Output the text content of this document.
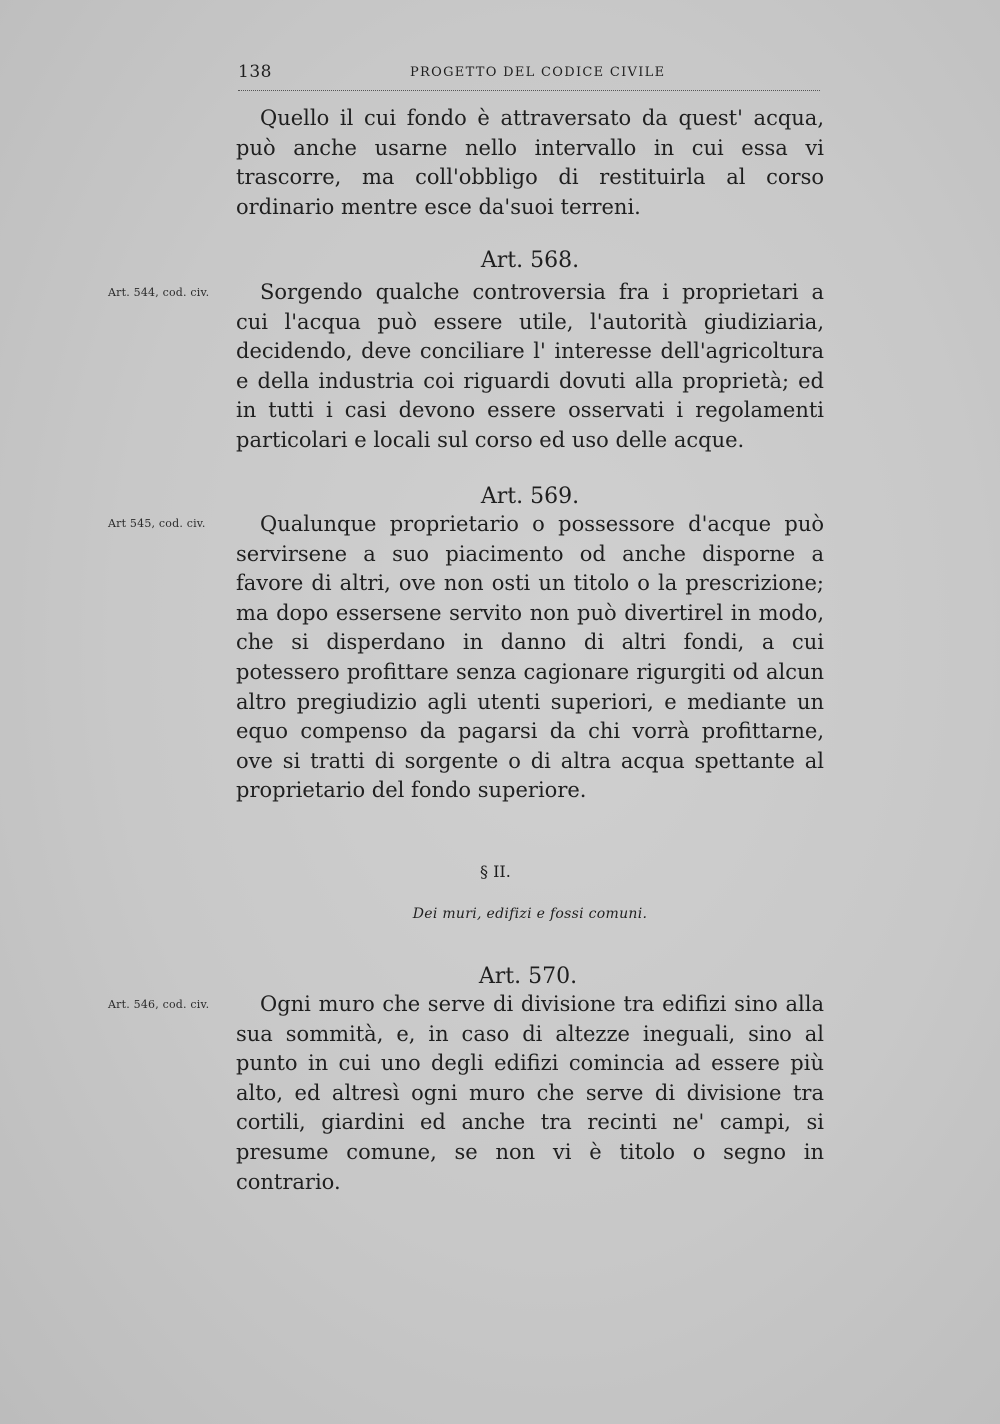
138	PROGETTO DEL CODICE CIVILE

Quello il cui fondo è attraversato da quest' acqua, può anche usarne nello intervallo in cui essa vi trascorre, ma coll'obbligo di restituirla al corso ordinario mentre esce da'suoi terreni.

Art. 568.
Art. 544, cod. civ.	Sorgendo qualche controversia fra i proprietari a cui l'acqua può essere utile, l'autorità giudiziaria, decidendo, deve conciliare l' interesse dell'agricoltura e della industria coi riguardi dovuti alla proprietà; ed in tutti i casi devono essere osservati i regolamenti particolari e locali sul corso ed uso delle acque.

Art. 569.
Art 545, cod. civ.	Qualunque proprietario o possessore d'acque può servirsene a suo piacimento od anche disporne a favore di altri, ove non osti un titolo o la prescrizione; ma dopo essersene servito non può divertirel in modo, che si disperdano in danno di altri fondi, a cui potessero profittare senza cagionare rigurgiti od alcun altro pregiudizio agli utenti superiori, e mediante un equo compenso da pagarsi da chi vorrà profittarne, ove si tratti di sorgente o di altra acqua spettante al proprietario del fondo superiore.

§ II.
Dei muri, edifizi e fossi comuni.
Art. 570.
Art. 546, cod. civ.	Ogni muro che serve di divisione tra edifizi sino alla sua sommità, e, in caso di altezze ineguali, sino al punto in cui uno degli edifizi comincia ad essere più alto, ed altresì ogni muro che serve di divisione tra cortili, giardini ed anche tra recinti ne' campi, si presume comune, se non vi è titolo o segno in contrario.
